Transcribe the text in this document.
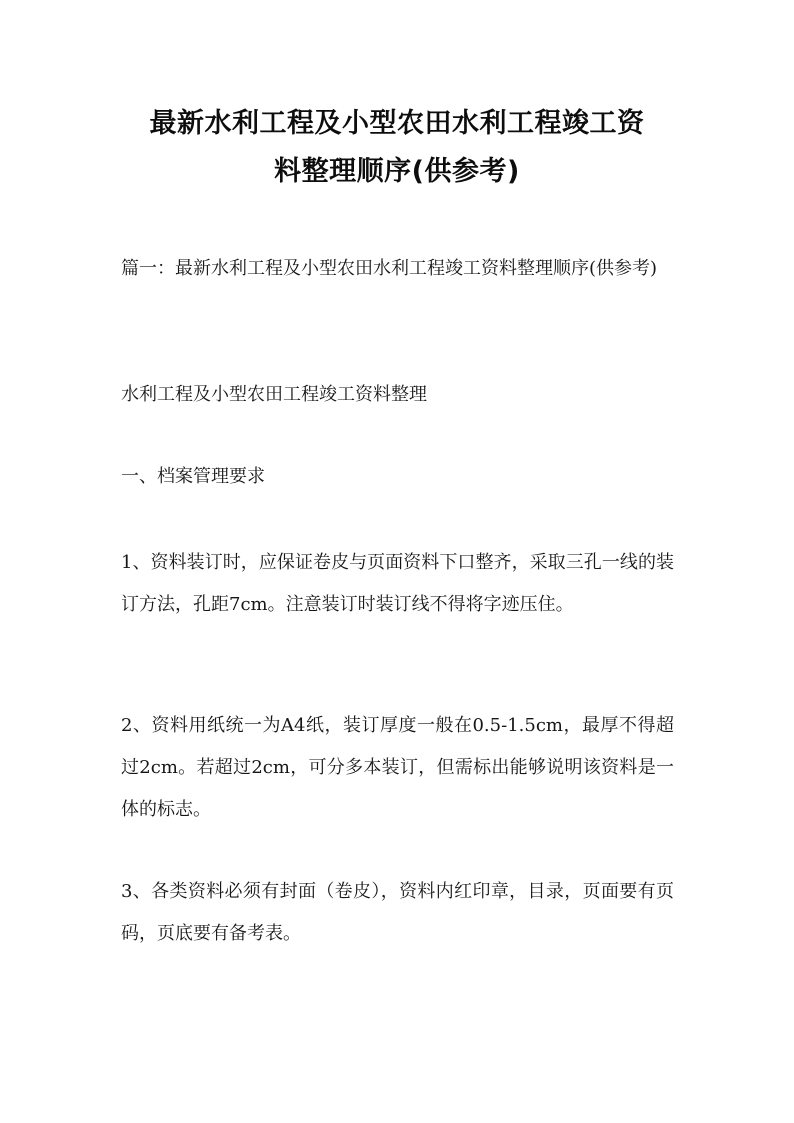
最新水利工程及小型农田水利工程竣工资
料整理顺序(供参考)

篇一：最新水利工程及小型农田水利工程竣工资料整理顺序(供参考)

水利工程及小型农田工程竣工资料整理

一、档案管理要求

1、资料装订时，应保证卷皮与页面资料下口整齐，采取三孔一线的装订方法，孔距7cm。注意装订时装订线不得将字迹压住。

2、资料用纸统一为A4纸，装订厚度一般在0.5-1.5cm，最厚不得超过2cm。若超过2cm，可分多本装订，但需标出能够说明该资料是一体的标志。

3、各类资料必须有封面（卷皮），资料内红印章，目录，页面要有页码，页底要有备考表。
